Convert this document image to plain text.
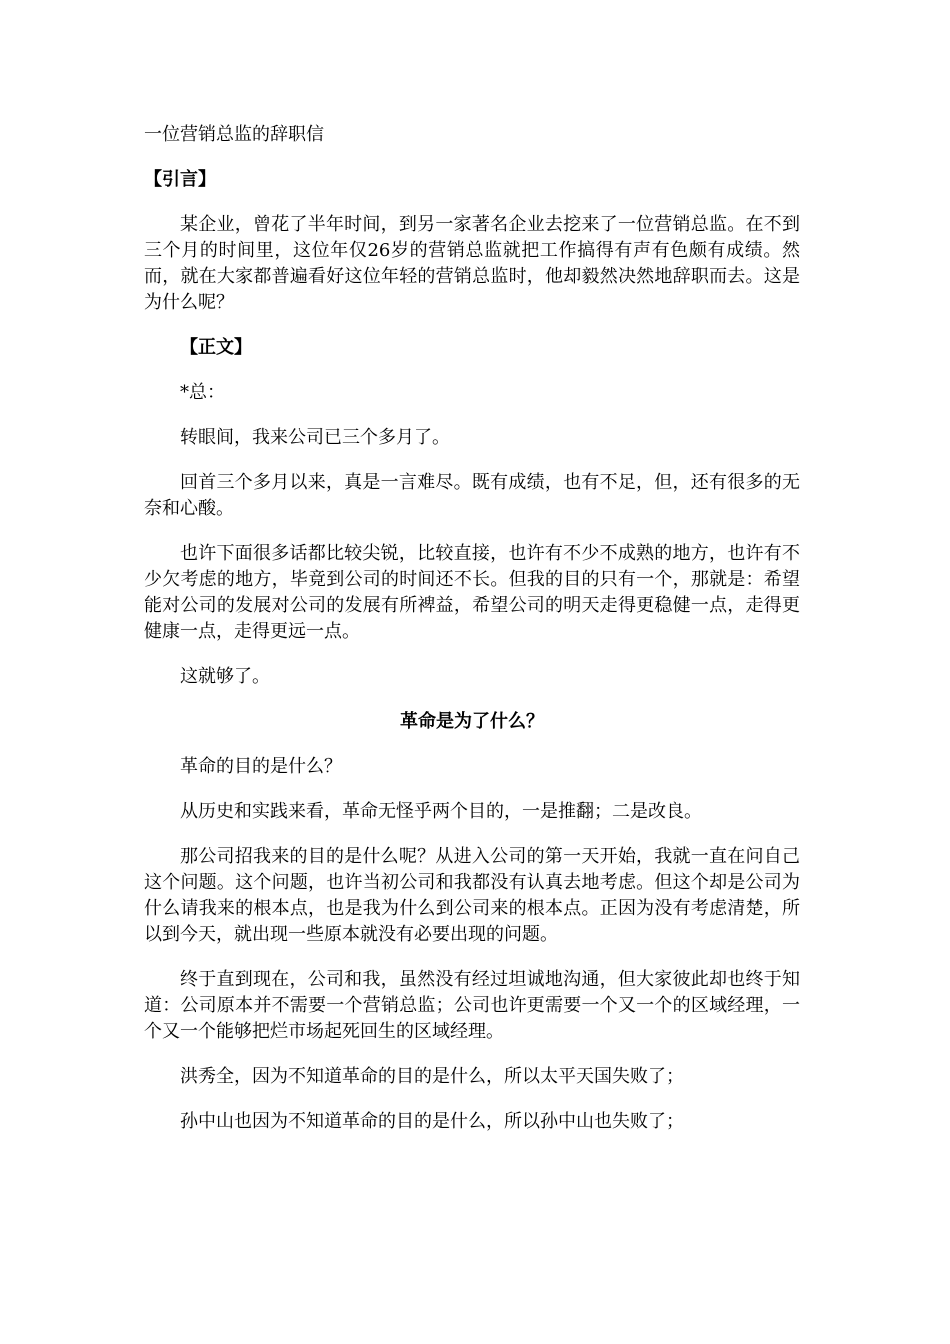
一位营销总监的辞职信

【引言】

某企业，曾花了半年时间，到另一家著名企业去挖来了一位营销总监。在不到三个月的时间里，这位年仅26岁的营销总监就把工作搞得有声有色颇有成绩。然而，就在大家都普遍看好这位年轻的营销总监时，他却毅然决然地辞职而去。这是为什么呢？

【正文】

*总：

转眼间，我来公司已三个多月了。

回首三个多月以来，真是一言难尽。既有成绩，也有不足，但，还有很多的无奈和心酸。

也许下面很多话都比较尖锐，比较直接，也许有不少不成熟的地方，也许有不少欠考虑的地方，毕竟到公司的时间还不长。但我的目的只有一个，那就是：希望能对公司的发展对公司的发展有所裨益，希望公司的明天走得更稳健一点，走得更健康一点，走得更远一点。

这就够了。

革命是为了什么？

革命的目的是什么？

从历史和实践来看，革命无怪乎两个目的，一是推翻；二是改良。

那公司招我来的目的是什么呢？从进入公司的第一天开始，我就一直在问自己这个问题。这个问题，也许当初公司和我都没有认真去地考虑。但这个却是公司为什么请我来的根本点，也是我为什么到公司来的根本点。正因为没有考虑清楚，所以到今天，就出现一些原本就没有必要出现的问题。

终于直到现在，公司和我，虽然没有经过坦诚地沟通，但大家彼此却也终于知道：公司原本并不需要一个营销总监；公司也许更需要一个又一个的区域经理，一个又一个能够把烂市场起死回生的区域经理。

洪秀全，因为不知道革命的目的是什么，所以太平天国失败了；

孙中山也因为不知道革命的目的是什么，所以孙中山也失败了；
